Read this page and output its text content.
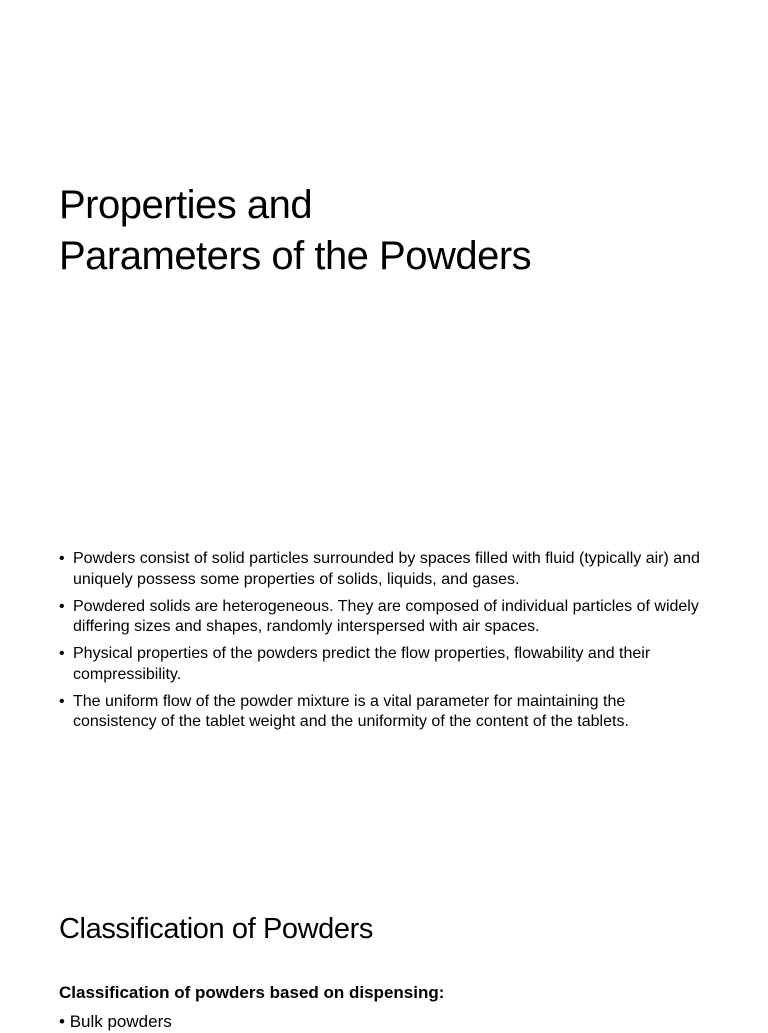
Properties and
Parameters of the Powders
• Powders consist of solid particles surrounded by spaces filled with fluid (typically air) and uniquely possess some properties of solids, liquids, and gases.
• Powdered solids are heterogeneous. They are composed of individual particles of widely differing sizes and shapes, randomly interspersed with air spaces.
• Physical properties of the powders predict the flow properties, flowability and their compressibility.
• The uniform flow of the powder mixture is a vital parameter for maintaining the consistency of the tablet weight and the uniformity of the content of the tablets.
Classification of Powders

Classification of powders based on dispensing:

• Bulk powders
